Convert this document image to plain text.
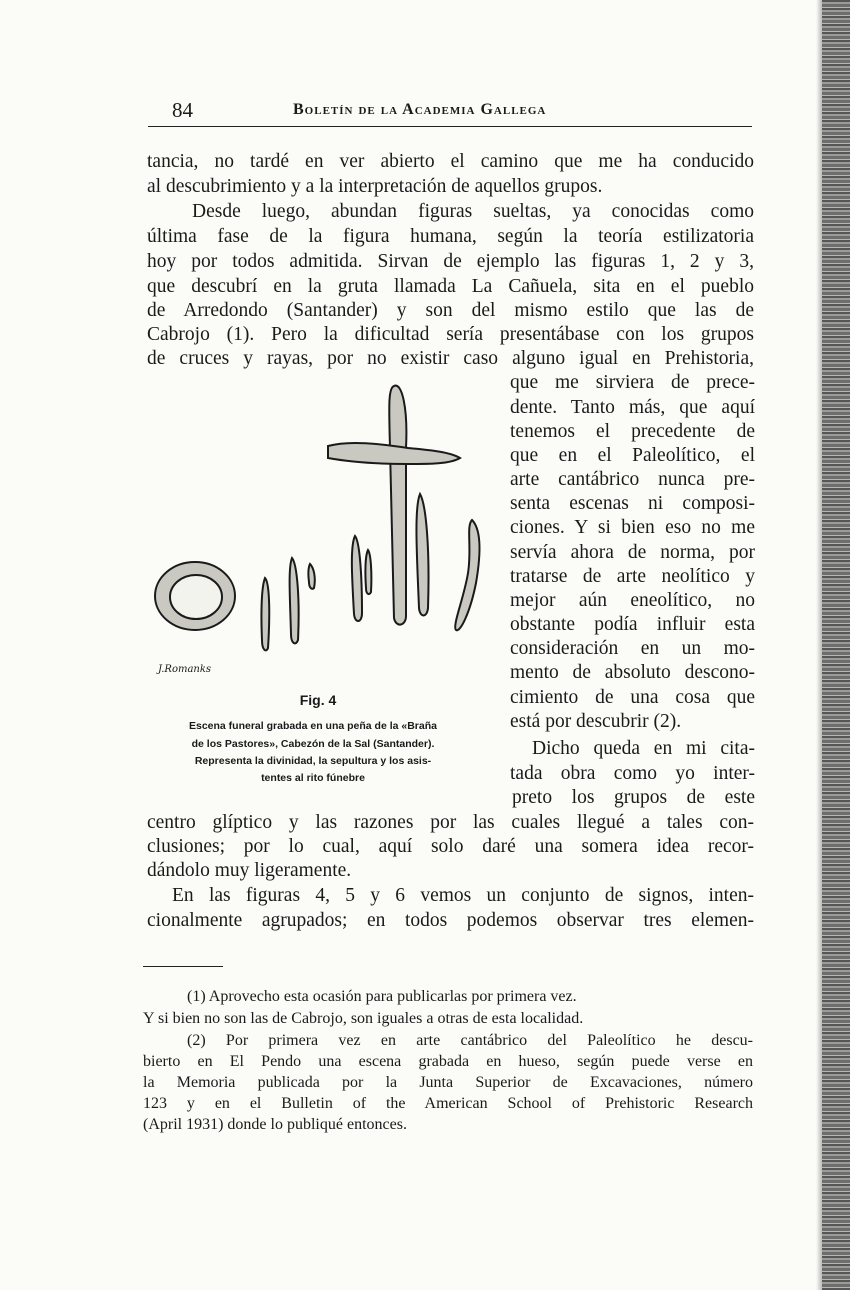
84	Boletín de la Academia Gallega
tancia, no tardé en ver abierto el camino que me ha conducido
al descubrimiento y a la interpretación de aquellos grupos.
Desde luego, abundan figuras sueltas, ya conocidas como
última fase de la figura humana, según la teoría estilizatoria
hoy por todos admitida. Sirvan de ejemplo las figuras 1, 2 y 3,
que descubrí en la gruta llamada La Cañuela, sita en el pueblo
de Arredondo (Santander) y son del mismo estilo que las de
Cabrojo (1). Pero la dificultad sería presentábase con los grupos
de cruces y rayas, por no existir caso alguno igual en Prehistoria,
que me sirviera de prece-
dente. Tanto más, que aquí
tenemos el precedente de
que en el Paleolítico, el
arte cantábrico nunca pre-
senta escenas ni composi-
ciones. Y si bien eso no me
servía ahora de norma, por
tratarse de arte neolítico y
mejor aún eneolítico, no
obstante podía influir esta
consideración en un mo-
mento de absoluto descono-
cimiento de una cosa que
está por descubrir (2).
Dicho queda en mi cita-
tada obra como yo inter-
preto los grupos de este
centro glíptico y las razones por las cuales llegué a tales con-
clusiones; por lo cual, aquí solo daré una somera idea recor-
dándolo muy ligeramente.
En las figuras 4, 5 y 6 vemos un conjunto de signos, inten-
cionalmente agrupados; en todos podemos observar tres elemen-
J.Romanks
Fig. 4
Escena funeral grabada en una peña de la «Braña
de los Pastores», Cabezón de la Sal (Santander).
Representa la divinidad, la sepultura y los asis-
tentes al rito fúnebre
(1) Aprovecho esta ocasión para publicarlas por primera vez.
Y si bien no son las de Cabrojo, son iguales a otras de esta localidad.
(2) Por primera vez en arte cantábrico del Paleolítico he descu-
bierto en El Pendo una escena grabada en hueso, según puede verse en
la Memoria publicada por la Junta Superior de Excavaciones, número
123 y en el Bulletin of the American School of Prehistoric Research
(April 1931) donde lo publiqué entonces.
